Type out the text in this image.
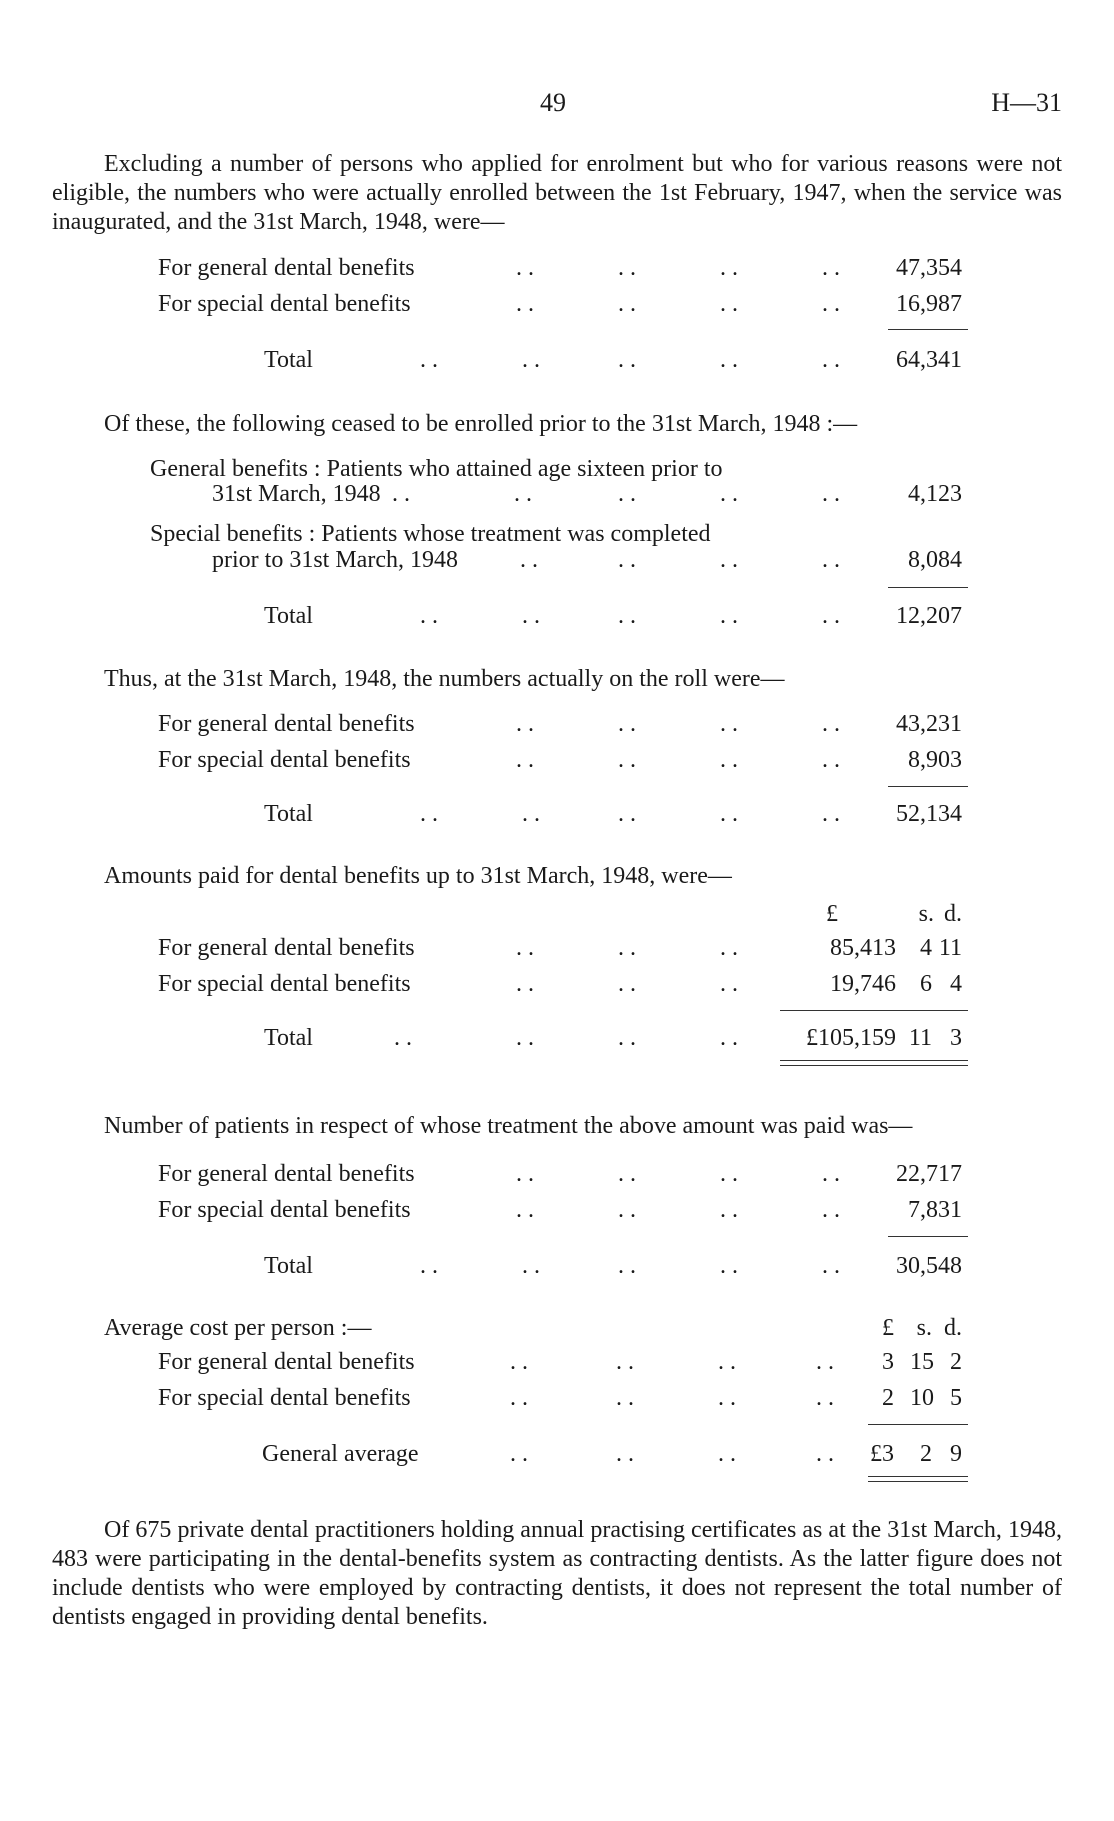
49	H—31
Excluding a number of persons who applied for enrolment but who for various reasons were not eligible, the numbers who were actually enrolled between the 1st February, 1947, when the service was inaugurated, and the 31st March, 1948, were—
For general dental benefits	. .	. .	. .	. . 47,354
For special dental benefits	. .	. .	. .	. . 16,987
Total	. .	. .	. .	. .	. . 64,341
Of these, the following ceased to be enrolled prior to the 31st March, 1948 :—
General benefits : Patients who attained age sixteen prior to
31st March, 1948 . .	. .	. .	. .	. .	4,123
Special benefits : Patients whose treatment was completed
prior to 31st March, 1948	. .	. .	. .	. .	8,084
Total	. .	. .	. .	. .	. . 12,207
Thus, at the 31st March, 1948, the numbers actually on the roll were—
For general dental benefits	. .	. .	. .	. . 43,231
For special dental benefits	. .	. .	. .	. .	8,903
Total	. .	. .	. .	. .	. . 52,134
Amounts paid for dental benefits up to 31st March, 1948, were—
£	s. d.
For general dental benefits	. .	. .	. .	85,413 4 11
For special dental benefits	. .	. .	. .	19,746 6 4
Total	. .	. .	. .	. .	£105,159 11 3
Number of patients in respect of whose treatment the above amount was paid was—
For general dental benefits	. .	. .	. .	. . 22,717
For special dental benefits	. .	. .	. .	. .	7,831
Total	. .	. .	. .	. .	. . 30,548
Average cost per person :—	£ s. d.
For general dental benefits	. .	. .	. .	. . 3 15 2
For special dental benefits	. .	. .	. .	. . 2 10 5
General average	. .	. .	. .	. . £3 2 9
Of 675 private dental practitioners holding annual practising certificates as at the 31st March, 1948, 483 were participating in the dental-benefits system as contracting dentists. As the latter figure does not include dentists who were employed by contracting dentists, it does not represent the total number of dentists engaged in providing dental benefits.
